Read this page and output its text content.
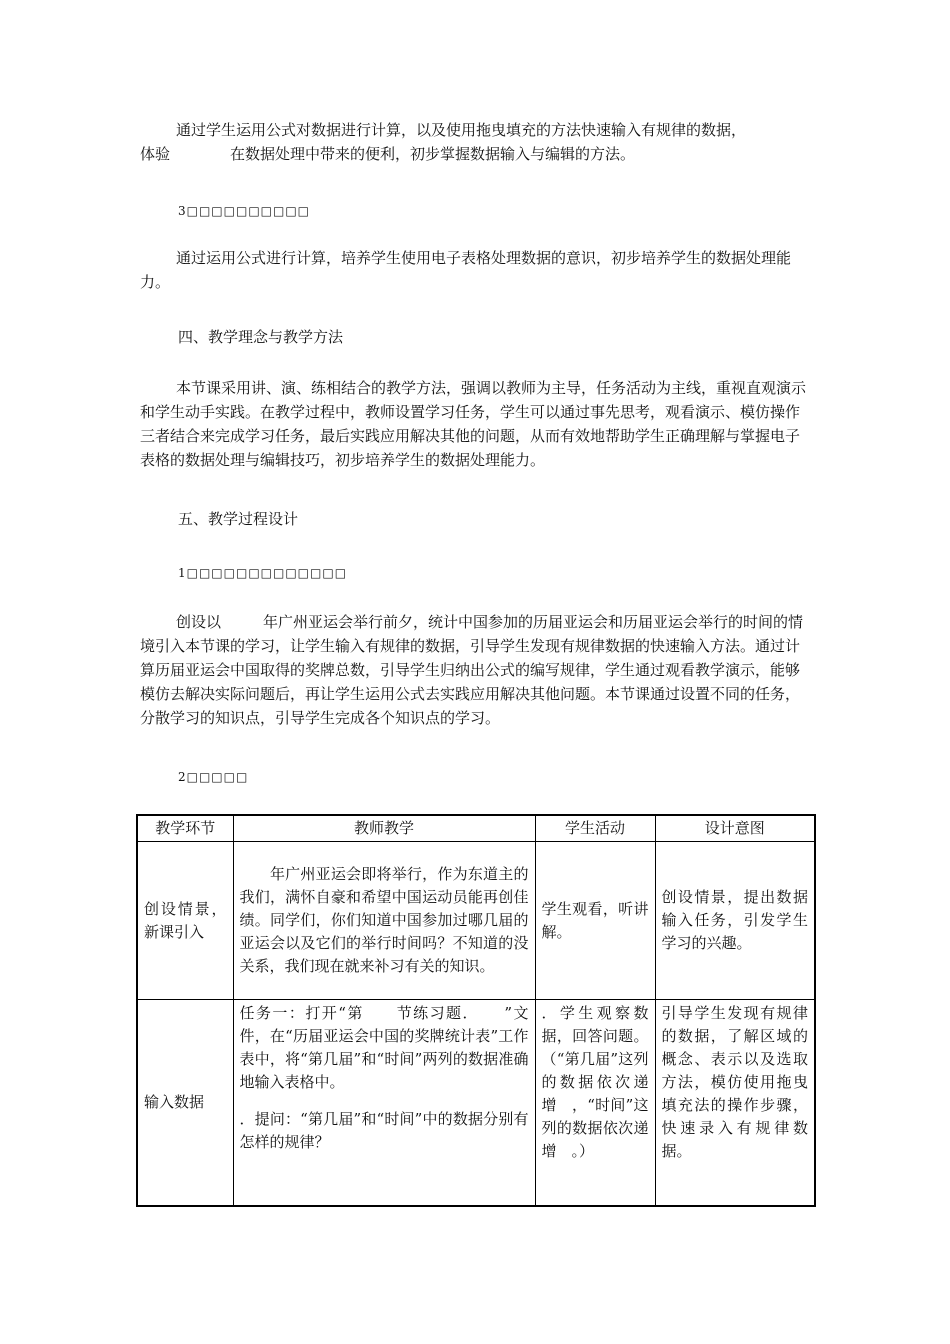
通过学生运用公式对数据进行计算，以及使用拖曳填充的方法快速输入有规律的数据，
体验	在数据处理中带来的便利，初步掌握数据输入与编辑的方法。

3□□□□□□□□□□

通过运用公式进行计算，培养学生使用电子表格处理数据的意识，初步培养学生的数据处理能力。

四、教学理念与教学方法

本节课采用讲、演、练相结合的教学方法，强调以教师为主导，任务活动为主线，重视直观演示和学生动手实践。在教学过程中，教师设置学习任务，学生可以通过事先思考，观看演示、模仿操作三者结合来完成学习任务，最后实践应用解决其他的问题，从而有效地帮助学生正确理解与掌握电子表格的数据处理与编辑技巧，初步培养学生的数据处理能力。

五、教学过程设计

1□□□□□□□□□□□□□

创设以	年广州亚运会举行前夕，统计中国参加的历届亚运会和历届亚运会举行的时间的情境引入本节课的学习，让学生输入有规律的数据，引导学生发现有规律数据的快速输入方法。通过计算历届亚运会中国取得的奖牌总数，引导学生归纳出公式的编写规律，学生通过观看教学演示，能够模仿去解决实际问题后，再让学生运用公式去实践应用解决其他问题。本节课通过设置不同的任务，分散学习的知识点，引导学生完成各个知识点的学习。

2□□□□□

教学环节	教师教学	学生活动	设计意图

创设情景，新课引入	　　年广州亚运会即将举行，作为东道主的我们，满怀自豪和希望中国运动员能再创佳绩。同学们，你们知道中国参加过哪几届的亚运会以及它们的举行时间吗？不知道的没关系，我们现在就来补习有关的知识。	学生观看，听讲解。	创设情景，提出数据输入任务，引发学生学习的兴趣。

输入数据	任务一：打开“第　　节练习题．　　”文件，在“历届亚运会中国的奖牌统计表”工作表中，将“第几届”和“时间”两列的数据准确地输入表格中。
．提问：“第几届”和“时间”中的数据分别有怎样的规律？	．学生观察数据，回答问题。（“第几届”这列的数据依次递增　，“时间”这列的数据依次递增　。）	引导学生发现有规律的数据，了解区域的概念、表示以及选取方法，模仿使用拖曳填充法的操作步骤，快速录入有规律数据。
